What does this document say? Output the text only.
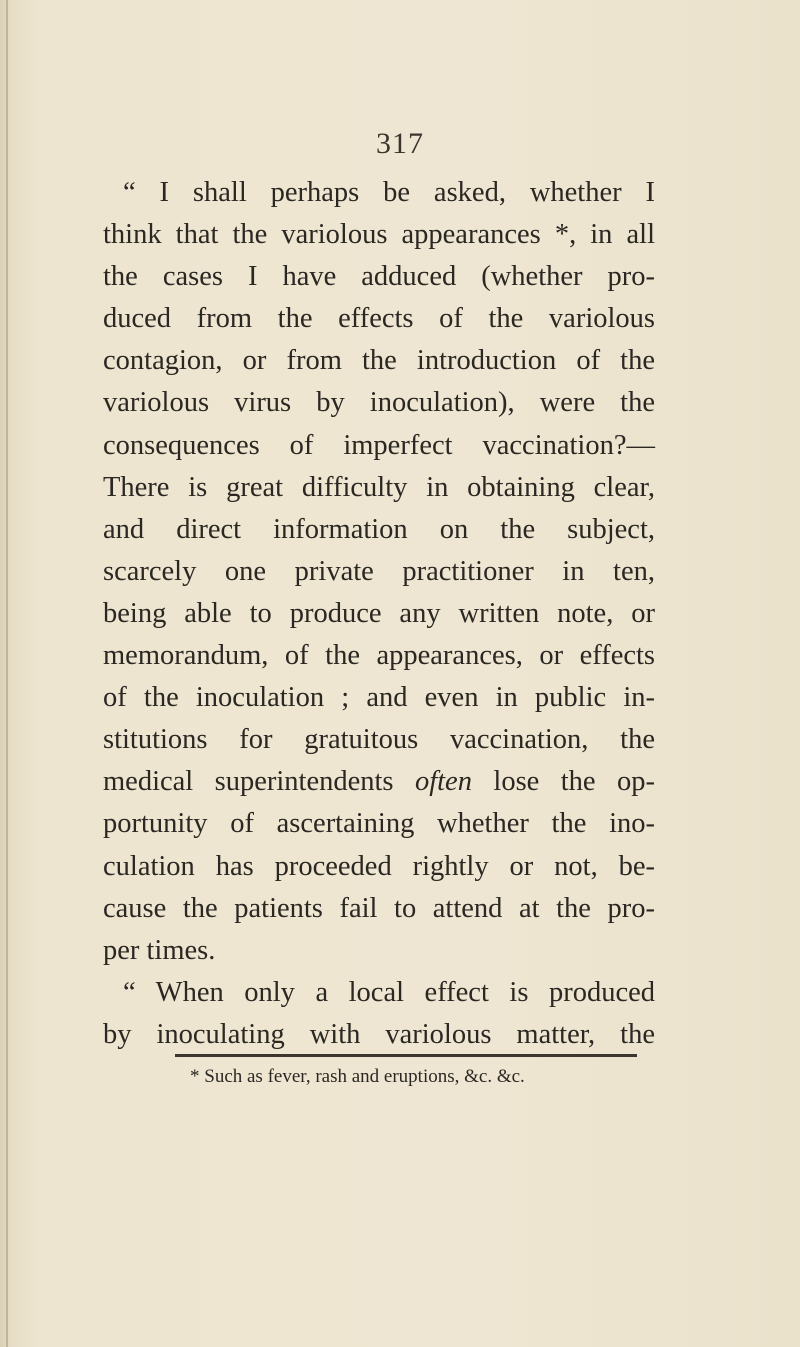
317
“ I shall perhaps be asked, whether I
think that the variolous appearances *, in all
the cases I have adduced (whether pro-
duced from the effects of the variolous
contagion, or from the introduction of the
variolous virus by inoculation), were the
consequences of imperfect vaccination?—
There is great difficulty in obtaining clear,
and direct information on the subject,
scarcely one private practitioner in ten,
being able to produce any written note, or
memorandum, of the appearances, or effects
of the inoculation ; and even in public in-
stitutions for gratuitous vaccination, the
medical superintendents often lose the op-
portunity of ascertaining whether the ino-
culation has proceeded rightly or not, be-
cause the patients fail to attend at the pro-
per times.
“ When only a local effect is produced
by inoculating with variolous matter, the
* Such as fever, rash and eruptions, &c. &c.
